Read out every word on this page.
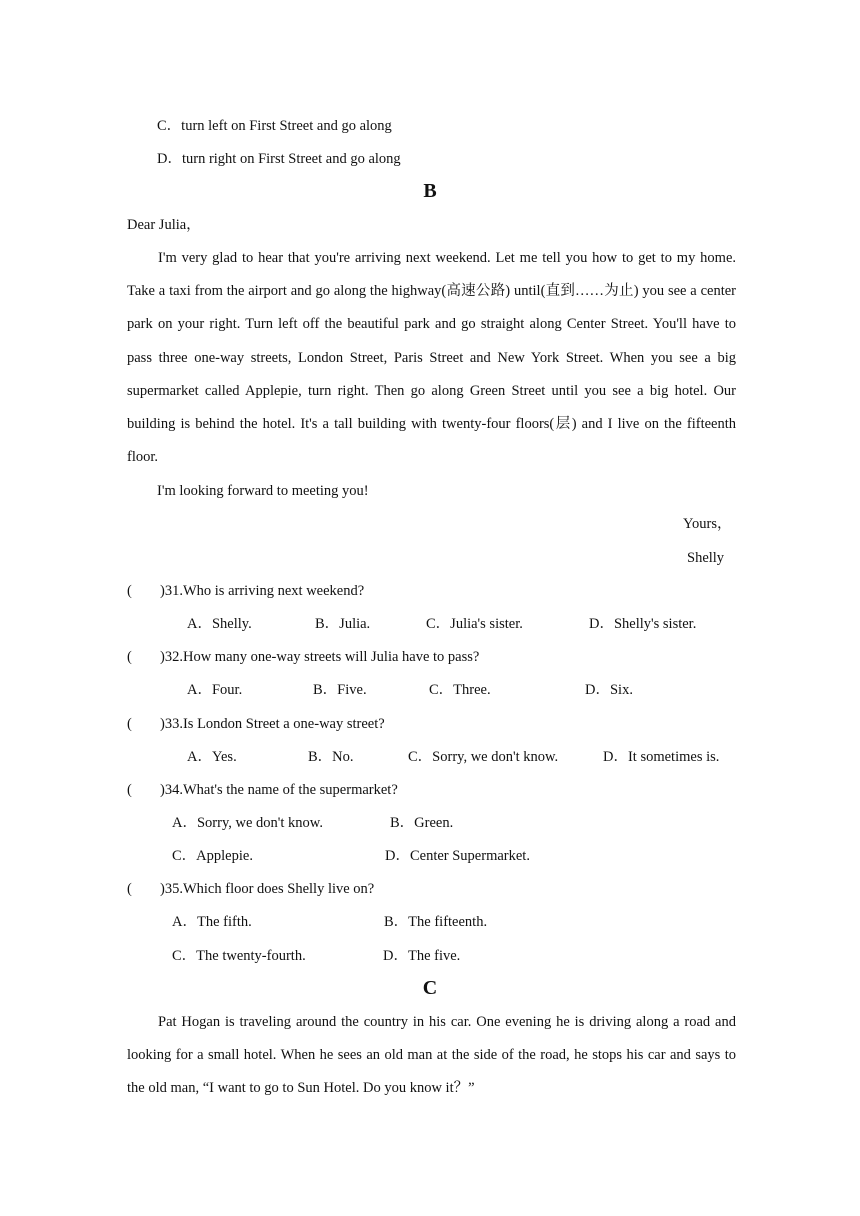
C．turn left on First Street and go along
D．turn right on First Street and go along
B
Dear Julia，
I'm very glad to hear that you're arriving next weekend. Let me tell you how to get to my home. Take a taxi from the airport and go along the highway(高速公路) until(直到……为止) you see a center park on your right. Turn left off the beautiful park and go straight along Center Street. You'll have to pass three one-way streets, London Street, Paris Street and New York Street. When you see a big supermarket called Applepie, turn right. Then go along Green Street until you see a big hotel. Our building is behind the hotel. It's a tall building with twenty-four floors(层) and I live on the fifteenth floor.
I'm looking forward to meeting you!
Yours，
Shelly
( )31.Who is arriving next weekend?
A．Shelly.	B．Julia.	C．Julia's sister.	D．Shelly's sister.
( )32.How many one-way streets will Julia have to pass?
A．Four.	B．Five.	C．Three.	D．Six.
( )33.Is London Street a one-way street?
A．Yes.	B．No.	C．Sorry, we don't know.	D．It sometimes is.
( )34.What's the name of the supermarket?
A．Sorry, we don't know.	B．Green.
C．Applepie.	D．Center Supermarket.
( )35.Which floor does Shelly live on?
A．The fifth.	B．The fifteenth.
C．The twenty-fourth.	D．The five.
C
Pat Hogan is traveling around the country in his car. One evening he is driving along a road and looking for a small hotel. When he sees an old man at the side of the road, he stops his car and says to the old man, “I want to go to Sun Hotel. Do you know it？”
